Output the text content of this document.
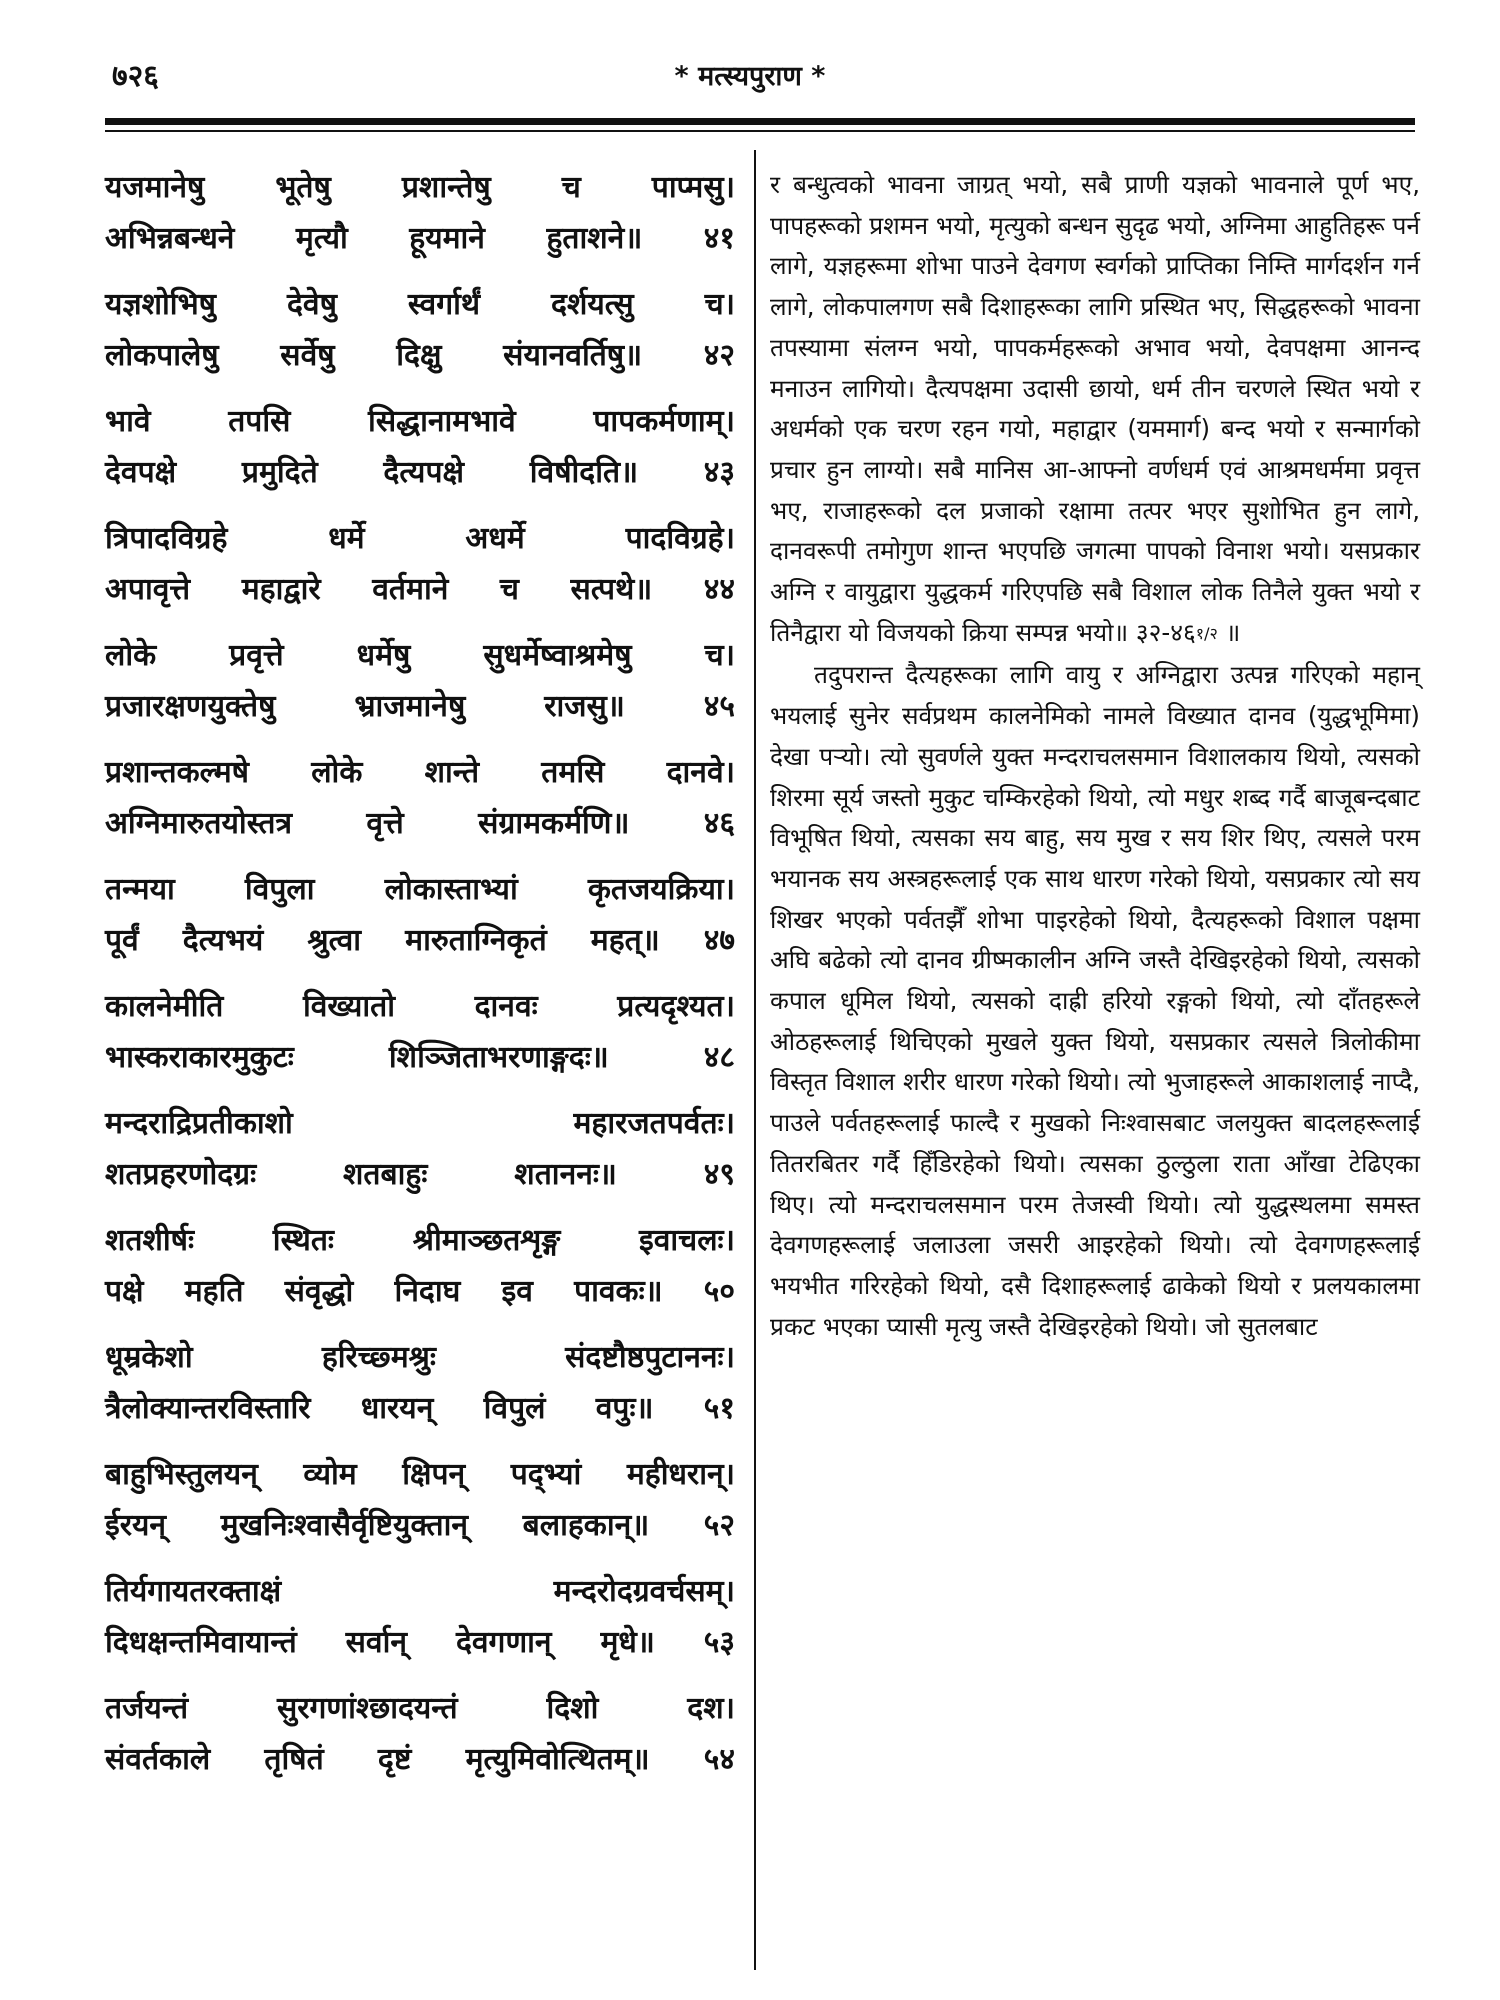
७२६	* मत्स्यपुराण *
यजमानेषु भूतेषु प्रशान्तेषु च पाप्मसु।
अभिन्नबन्धने मृत्यौ हूयमाने हुताशने॥ ४१
यज्ञशोभिषु देवेषु स्वर्गार्थं दर्शयत्सु च।
लोकपालेषु सर्वेषु दिक्षु संयानवर्तिषु॥ ४२
भावे तपसि सिद्धानामभावे पापकर्मणाम्।
देवपक्षे प्रमुदिते दैत्यपक्षे विषीदति॥ ४३
त्रिपादविग्रहे धर्मे अधर्मे पादविग्रहे।
अपावृत्ते महाद्वारे वर्तमाने च सत्पथे॥ ४४
लोके प्रवृत्ते धर्मेषु सुधर्मेष्वाश्रमेषु च।
प्रजारक्षणयुक्तेषु भ्राजमानेषु राजसु॥ ४५
प्रशान्तकल्मषे लोके शान्ते तमसि दानवे।
अग्निमारुतयोस्तत्र वृत्ते संग्रामकर्मणि॥ ४६
तन्मया विपुला लोकास्ताभ्यां कृतजयक्रिया।
पूर्वं दैत्यभयं श्रुत्वा मारुताग्निकृतं महत्॥ ४७
कालनेमीति विख्यातो दानवः प्रत्यदृश्यत।
भास्कराकारमुकुटः शिञ्जिताभरणाङ्गदः॥ ४८
मन्दराद्रिप्रतीकाशो महारजतपर्वतः।
शतप्रहरणोदग्रः शतबाहुः शताननः॥ ४९
शतशीर्षः स्थितः श्रीमाञ्छतशृङ्ग इवाचलः।
पक्षे महति संवृद्धो निदाघ इव पावकः॥ ५०
धूम्रकेशो हरिच्छ्मश्रुः संदष्टौष्ठपुटाननः।
त्रैलोक्यान्तरविस्तारि धारयन् विपुलं वपुः॥ ५१
बाहुभिस्तुलयन् व्योम क्षिपन् पद्भ्यां महीधरान्।
ईरयन् मुखनिःश्वासैर्वृष्टियुक्तान् बलाहकान्॥ ५२
तिर्यगायतरक्ताक्षं मन्दरोदग्रवर्चसम्।
दिधक्षन्तमिवायान्तं सर्वान् देवगणान् मृधे॥ ५३
तर्जयन्तं सुरगणांश्छादयन्तं दिशो दश।
संवर्तकाले तृषितं दृष्टं मृत्युमिवोत्थितम्॥ ५४

र बन्धुत्वको भावना जाग्रत् भयो, सबै प्राणी यज्ञको भावनाले पूर्ण भए, पापहरूको प्रशमन भयो, मृत्युको बन्धन सुदृढ भयो, अग्निमा आहुतिहरू पर्न लागे, यज्ञहरूमा शोभा पाउने देवगण स्वर्गको प्राप्तिका निम्ति मार्गदर्शन गर्न लागे, लोकपालगण सबै दिशाहरूका लागि प्रस्थित भए, सिद्धहरूको भावना तपस्यामा संलग्न भयो, पापकर्महरूको अभाव भयो, देवपक्षमा आनन्द मनाउन लागियो। दैत्यपक्षमा उदासी छायो, धर्म तीन चरणले स्थित भयो र अधर्मको एक चरण रहन गयो, महाद्वार (यममार्ग) बन्द भयो र सन्मार्गको प्रचार हुन लाग्यो। सबै मानिस आ-आफ्नो वर्णधर्म एवं आश्रमधर्ममा प्रवृत्त भए, राजाहरूको दल प्रजाको रक्षामा तत्पर भएर सुशोभित हुन लागे, दानवरूपी तमोगुण शान्त भएपछि जगत्मा पापको विनाश भयो। यसप्रकार अग्नि र वायुद्वारा युद्धकर्म गरिएपछि सबै विशाल लोक तिनैले युक्त भयो र तिनैद्वारा यो विजयको क्रिया सम्पन्न भयो॥ ३२-४६१/२ ॥

तदुपरान्त दैत्यहरूका लागि वायु र अग्निद्वारा उत्पन्न गरिएको महान् भयलाई सुनेर सर्वप्रथम कालनेमिको नामले विख्यात दानव (युद्धभूमिमा) देखा पर्‍यो। त्यो सुवर्णले युक्त मन्दराचलसमान विशालकाय थियो, त्यसको शिरमा सूर्य जस्तो मुकुट चम्किरहेको थियो, त्यो मधुर शब्द गर्दै बाजूबन्दबाट विभूषित थियो, त्यसका सय बाहु, सय मुख र सय शिर थिए, त्यसले परम भयानक सय अस्त्रहरूलाई एक साथ धारण गरेको थियो, यसप्रकार त्यो सय शिखर भएको पर्वतझैँ शोभा पाइरहेको थियो, दैत्यहरूको विशाल पक्षमा अघि बढेको त्यो दानव ग्रीष्मकालीन अग्नि जस्तै देखिइरहेको थियो, त्यसको कपाल धूमिल थियो, त्यसको दाह्री हरियो रङ्गको थियो, त्यो दाँतहरूले ओठहरूलाई थिचिएको मुखले युक्त थियो, यसप्रकार त्यसले त्रिलोकीमा विस्तृत विशाल शरीर धारण गरेको थियो। त्यो भुजाहरूले आकाशलाई नाप्दै, पाउले पर्वतहरूलाई फाल्दै र मुखको निःश्वासबाट जलयुक्त बादलहरूलाई तितरबितर गर्दै हिँडिरहेको थियो। त्यसका ठुल्ठुला राता आँखा टेढिएका थिए। त्यो मन्दराचलसमान परम तेजस्वी थियो। त्यो युद्धस्थलमा समस्त देवगणहरूलाई जलाउला जसरी आइरहेको थियो। त्यो देवगणहरूलाई भयभीत गरिरहेको थियो, दसै दिशाहरूलाई ढाकेको थियो र प्रलयकालमा प्रकट भएका प्यासी मृत्यु जस्तै देखिइरहेको थियो। जो सुतलबाट
